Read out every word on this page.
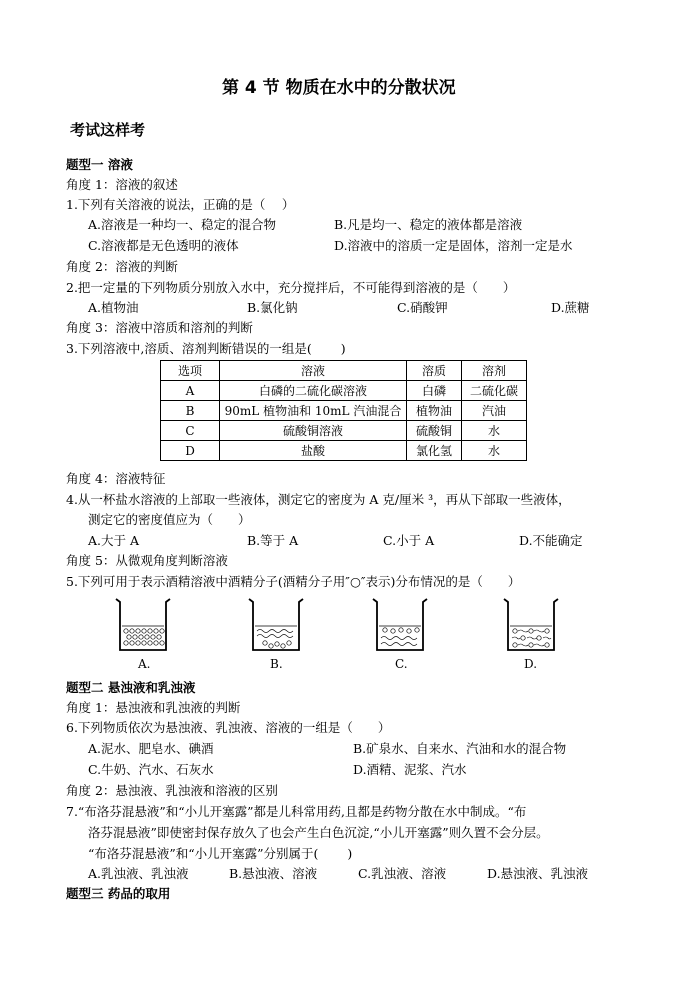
第 4 节 物质在水中的分散状况
考试这样考
题型一 溶液
角度 1：溶液的叙述
1.下列有关溶液的说法，正确的是（　 ）
A.溶液是一种均一、稳定的混合物	B.凡是均一、稳定的液体都是溶液
C.溶液都是无色透明的液体	D.溶液中的溶质一定是固体，溶剂一定是水
角度 2：溶液的判断
2.把一定量的下列物质分别放入水中，充分搅拌后，不可能得到溶液的是（　　）
A.植物油	B.氯化钠	C.硝酸钾	D.蔗糖
角度 3：溶液中溶质和溶剂的判断
3.下列溶液中,溶质、溶剂判断错误的一组是(　　 )
选项	溶液	溶质	溶剂
A	白磷的二硫化碳溶液	白磷	二硫化碳
B	90mL 植物油和 10mL 汽油混合	植物油	汽油
C	硫酸铜溶液	硫酸铜	水
D	盐酸	氯化氢	水
角度 4：溶液特征
4.从一杯盐水溶液的上部取一些液体，测定它的密度为 A 克/厘米 ³，再从下部取一些液体，
测定它的密度值应为（　　）
A.大于 A	B.等于 A	C.小于 A	D.不能确定
角度 5：从微观角度判断溶液
5.下列可用于表示酒精溶液中酒精分子(酒精分子用″○″表示)分布情况的是（　　）
A.	B.	C.	D.
题型二 悬浊液和乳浊液
角度 1：悬浊液和乳浊液的判断
6.下列物质依次为悬浊液、乳浊液、溶液的一组是（　　）
A.泥水、肥皂水、碘酒	B.矿泉水、自来水、汽油和水的混合物
C.牛奶、汽水、石灰水	D.酒精、泥浆、汽水
角度 2：悬浊液、乳浊液和溶液的区别
7.“布洛芬混悬液”和“小儿开塞露”都是儿科常用药,且都是药物分散在水中制成。“布
洛芬混悬液”即使密封保存放久了也会产生白色沉淀,“小儿开塞露”则久置不会分层。
“布洛芬混悬液”和“小儿开塞露”分别属于(　　 )
A.乳浊液、乳浊液	B.悬浊液、溶液	C.乳浊液、溶液	D.悬浊液、乳浊液
题型三 药品的取用
